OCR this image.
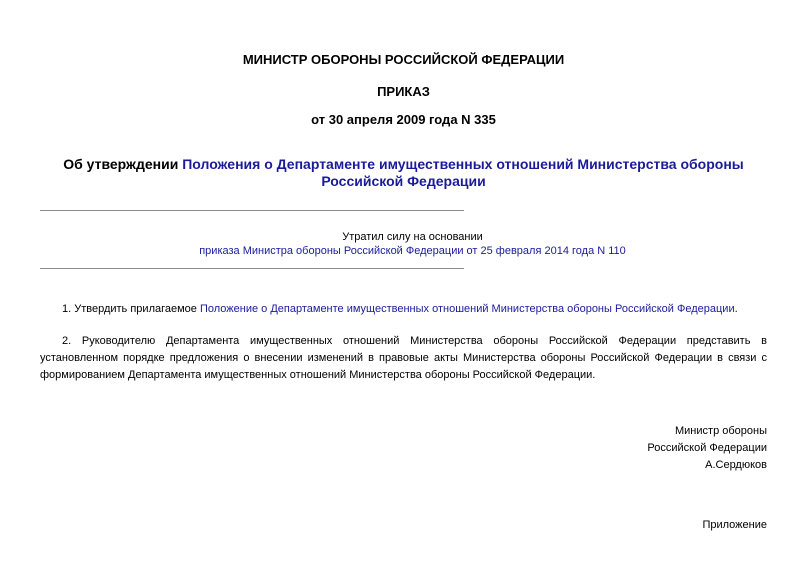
МИНИСТР ОБОРОНЫ РОССИЙСКОЙ ФЕДЕРАЦИИ

ПРИКАЗ

от 30 апреля 2009 года N 335

Об утверждении Положения о Департаменте имущественных отношений Министерства обороны Российской Федерации

Утратил силу на основании

приказа Министра обороны Российской Федерации от 25 февраля 2014 года N 110

1. Утвердить прилагаемое Положение о Департаменте имущественных отношений Министерства обороны Российской Федерации.

2. Руководителю Департамента имущественных отношений Министерства обороны Российской Федерации представить в установленном порядке предложения о внесении изменений в правовые акты Министерства обороны Российской Федерации в связи с формированием Департамента имущественных отношений Министерства обороны Российской Федерации.

Министр обороны

Российской Федерации

А.Сердюков

Приложение
